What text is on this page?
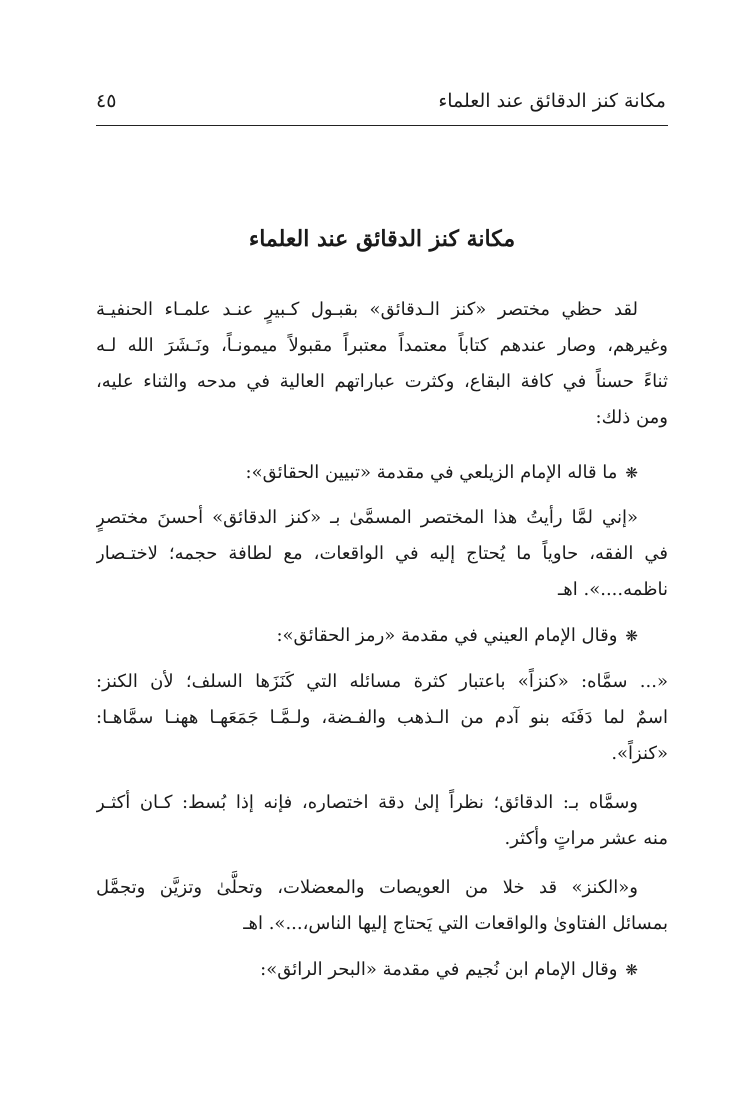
مكانة كنز الدقائق عند العلماء
٤٥
مكانة كنز الدقائق عند العلماء
لقد حظي مختصر «كنز الـدقائق» بقبـول كـبيرٍ عنـد علمـاء الحنفيـة
وغيرهم، وصار عندهم كتاباً معتمداً معتبراً مقبولاً ميمونـاً، ونَـشَرَ الله لـه
ثناءً حسناً في كافة البقاع، وكثرت عباراتهم العالية في مدحه والثناء عليه،
ومن ذلك:
❋ما قاله الإمام الزيلعي في مقدمة «تبيين الحقائق»:
«إني لمَّا رأيتُ هذا المختصر المسمَّىٰ بـ «كنز الدقائق» أحسنَ مختصرٍ
في الفقه، حاوياً ما يُحتاج إليه في الواقعات، مع لطافة حجمه؛ لاختـصار
ناظمه....». اهـ
❋وقال الإمام العيني في مقدمة «رمز الحقائق»:
«... سمَّاه: «كنزاً» باعتبار كثرة مسائله التي كَنَزَها السلف؛ لأن الكنز:
اسمٌ لما دَفَنَه بنو آدم من الـذهب والفـضة، ولـمَّـا جَمَعَهـا ههنـا سمَّاهـا:
«كنزاً».
وسمَّاه بـ: الدقائق؛ نظراً إلىٰ دقة اختصاره، فإنه إذا بُسط: كـان أكثـر
منه عشر مراتٍ وأكثر.
و«الكنز» قد خلا من العويصات والمعضلات، وتحلَّىٰ وتزيَّن وتجمَّل
بمسائل الفتاوىٰ والواقعات التي يَحتاج إليها الناس،...». اهـ
❋وقال الإمام ابن نُجيم في مقدمة «البحر الرائق»:
